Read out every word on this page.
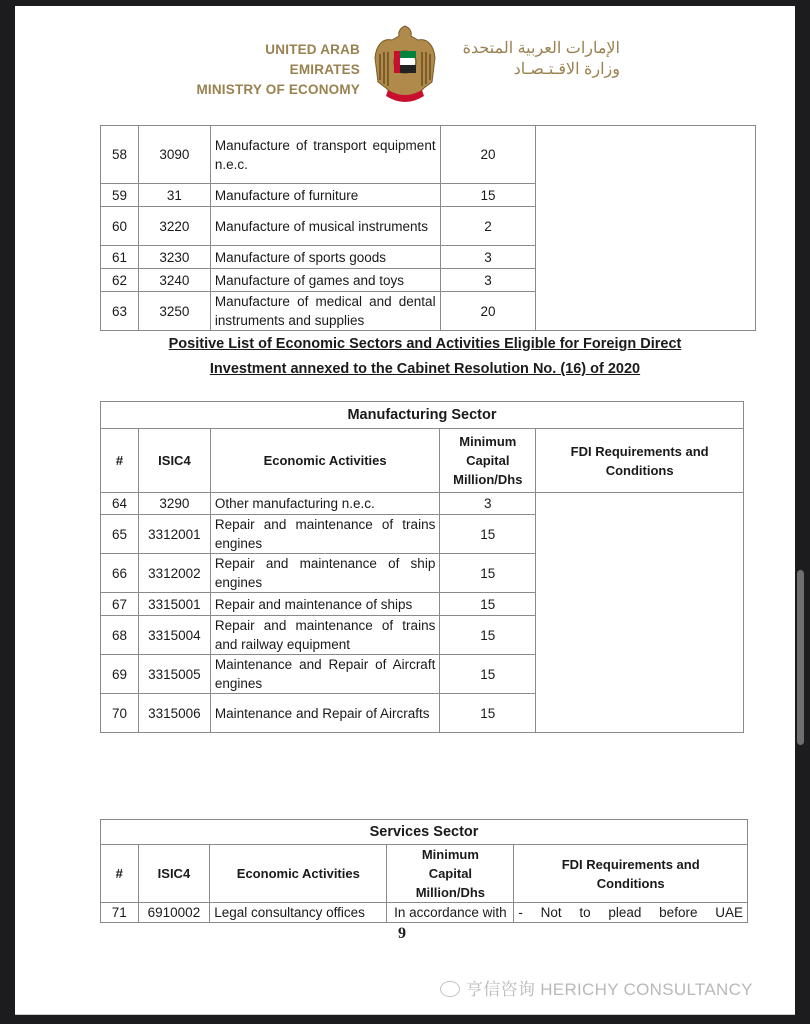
UNITED ARAB EMIRATES
MINISTRY OF ECONOMY
الإمارات العربية المتحدة
وزارة الاقـتـصـاد
58	3090	Manufacture of transport equipment n.e.c.	20	
59	31	Manufacture of furniture	15	
60	3220	Manufacture of musical instruments	2	
61	3230	Manufacture of sports goods	3	
62	3240	Manufacture of games and toys	3	
63	3250	Manufacture of medical and dental instruments and supplies	20	
Positive List of Economic Sectors and Activities Eligible for Foreign Direct
Investment annexed to the Cabinet Resolution No. (16) of 2020
Manufacturing Sector				
#	ISIC4	Economic Activities	Minimum Capital Million/Dhs	FDI Requirements and Conditions
64	3290	Other manufacturing n.e.c.	3	
65	3312001	Repair and maintenance of trains engines	15	
66	3312002	Repair and maintenance of ship engines	15	
67	3315001	Repair and maintenance of ships	15	
68	3315004	Repair and maintenance of trains and railway equipment	15	
69	3315005	Maintenance and Repair of Aircraft engines	15	
70	3315006	Maintenance and Repair of Aircrafts	15	
Services Sector				
#	ISIC4	Economic Activities	Minimum Capital Million/Dhs	FDI Requirements and Conditions
71	6910002	Legal consultancy offices	In accordance with	- Not to plead before UAE
9
亨信咨询 HERICHY CONSULTANCY
